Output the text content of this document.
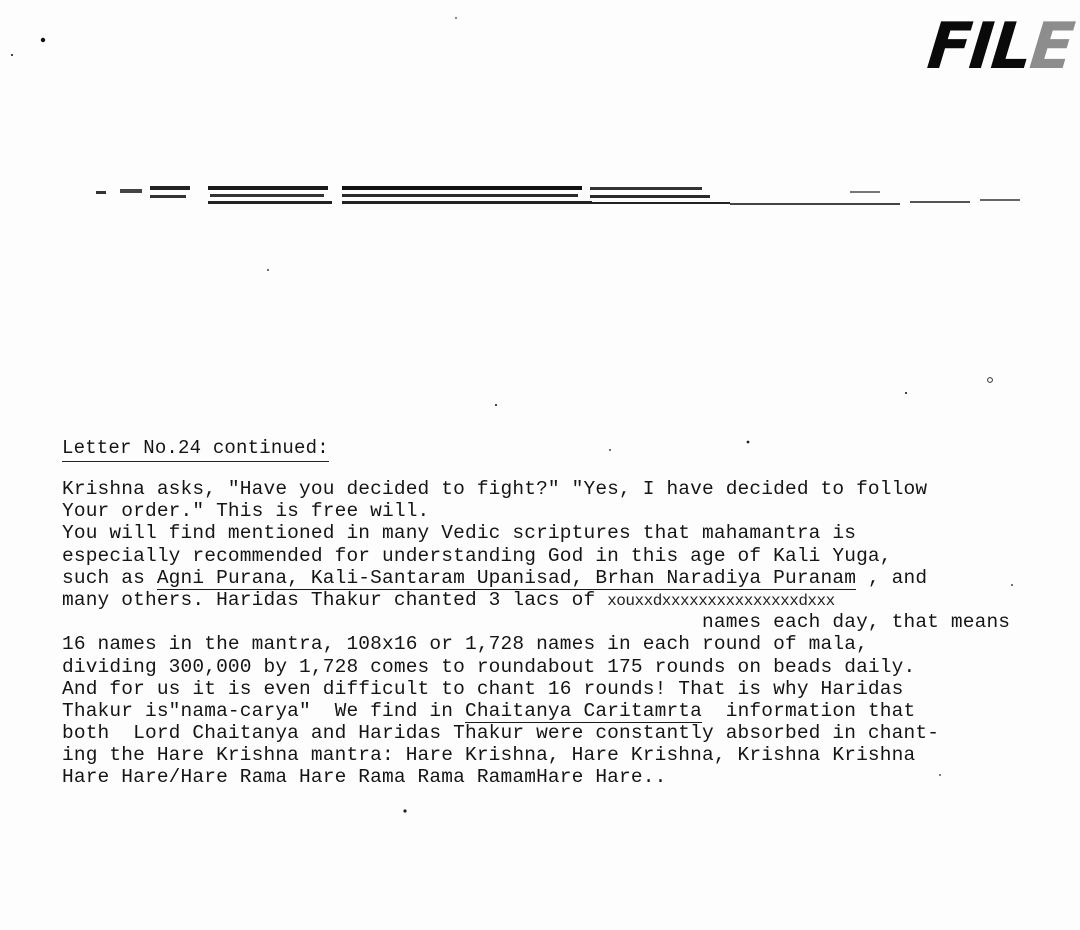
FILE
Letter No.24 continued:
Krishna asks, "Have you decided to fight?" "Yes, I have decided to follow
Your order." This is free will.
You will find mentioned in many Vedic scriptures that mahamantra is
especially recommended for understanding God in this age of Kali Yuga,
such as Agni Purana, Kali-Santaram Upanisad, Brhan Naradiya Puranam , and
many others. Haridas Thakur chanted 3 lacs of xouxxdxxxxxxxxxxxxxxxdxxx
names each day, that means
16 names in the mantra, 108x16 or 1,728 names in each round of mala,
dividing 300,000 by 1,728 comes to roundabout 175 rounds on beads daily.
And for us it is even difficult to chant 16 rounds! That is why Haridas
Thakur is"nama-carya"  We find in Chaitanya Caritamrta  information that
both  Lord Chaitanya and Haridas Thakur were constantly absorbed in chant-
ing the Hare Krishna mantra: Hare Krishna, Hare Krishna, Krishna Krishna
Hare Hare/Hare Rama Hare Rama Rama RamamHare Hare..
